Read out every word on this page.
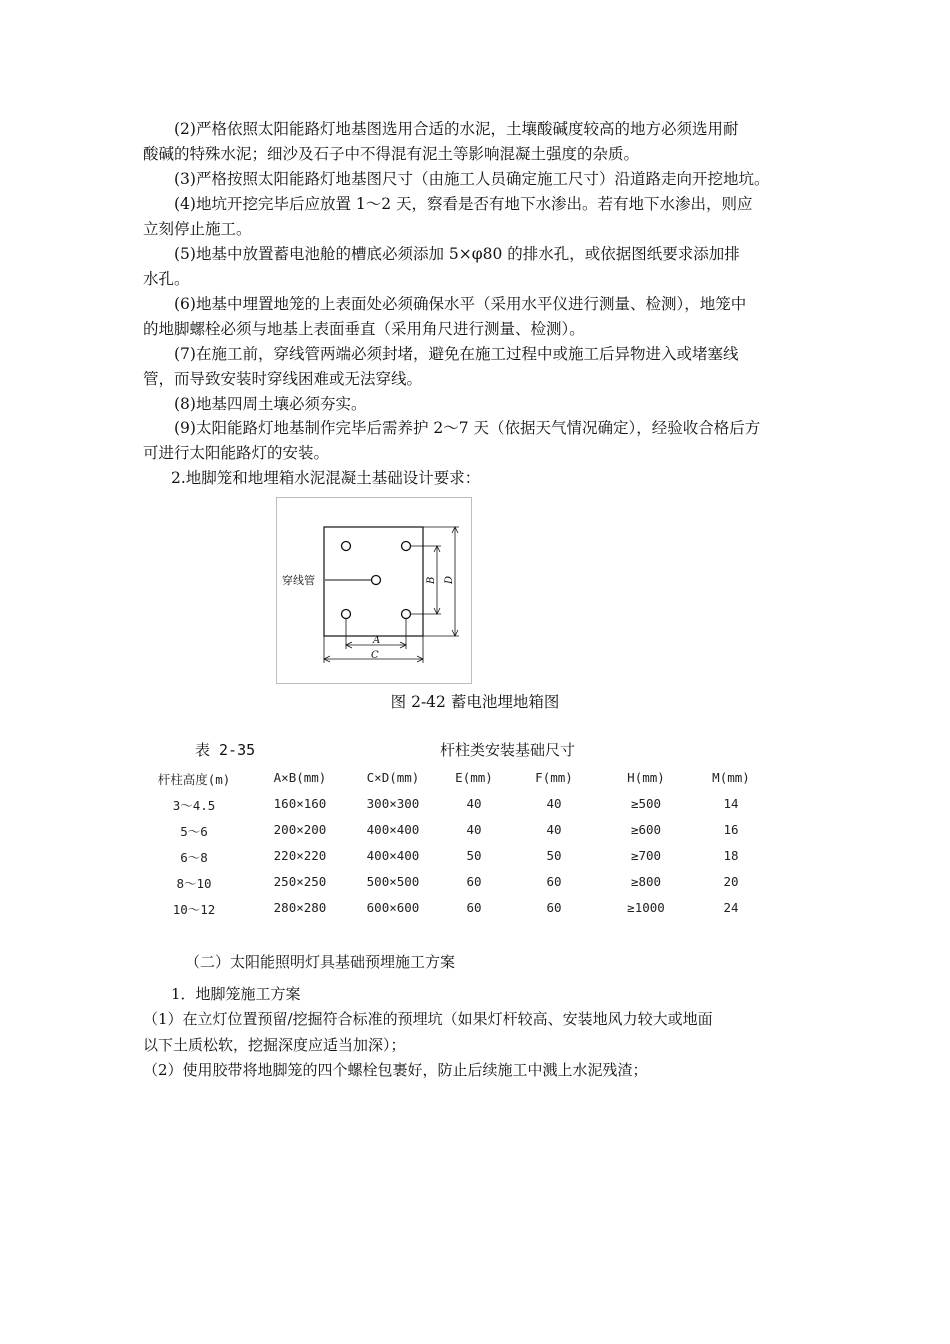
(2)严格依照太阳能路灯地基图选用合适的水泥，土壤酸碱度较高的地方必须选用耐
酸碱的特殊水泥；细沙及石子中不得混有泥土等影响混凝土强度的杂质。

(3)严格按照太阳能路灯地基图尺寸（由施工人员确定施工尺寸）沿道路走向开挖地坑。

(4)地坑开挖完毕后应放置 1～2 天，察看是否有地下水渗出。若有地下水渗出，则应
立刻停止施工。

(5)地基中放置蓄电池舱的槽底必须添加 5×φ80 的排水孔，或依据图纸要求添加排
水孔。

(6)地基中埋置地笼的上表面处必须确保水平（采用水平仪进行测量、检测），地笼中
的地脚螺栓必须与地基上表面垂直（采用角尺进行测量、检测）。

(7)在施工前，穿线管两端必须封堵，避免在施工过程中或施工后异物进入或堵塞线
管，而导致安装时穿线困难或无法穿线。

(8)地基四周土壤必须夯实。

(9)太阳能路灯地基制作完毕后需养护 2～7 天（依据天气情况确定），经验收合格后方
可进行太阳能路灯的安装。

2.地脚笼和地埋箱水泥混凝土基础设计要求：

穿线管
A
C
B D
图 2-42 蓄电池埋地箱图
表 2-35	杆柱类安装基础尺寸
杆柱高度(m)	A×B(mm)	C×D(mm)	E(mm)	F(mm)	H(mm)	M(mm)
3～4.5	160×160	300×300	40	40	≥500	14
5～6	200×200	400×400	40	40	≥600	16
6～8	220×220	400×400	50	50	≥700	18
8～10	250×250	500×500	60	60	≥800	20
10～12	280×280	600×600	60	60	≥1000	24

（二）太阳能照明灯具基础预埋施工方案

1．地脚笼施工方案

（1）在立灯位置预留/挖掘符合标准的预埋坑（如果灯杆较高、安装地风力较大或地面
以下土质松软，挖掘深度应适当加深）；

（2）使用胶带将地脚笼的四个螺栓包裹好，防止后续施工中溅上水泥残渣；
